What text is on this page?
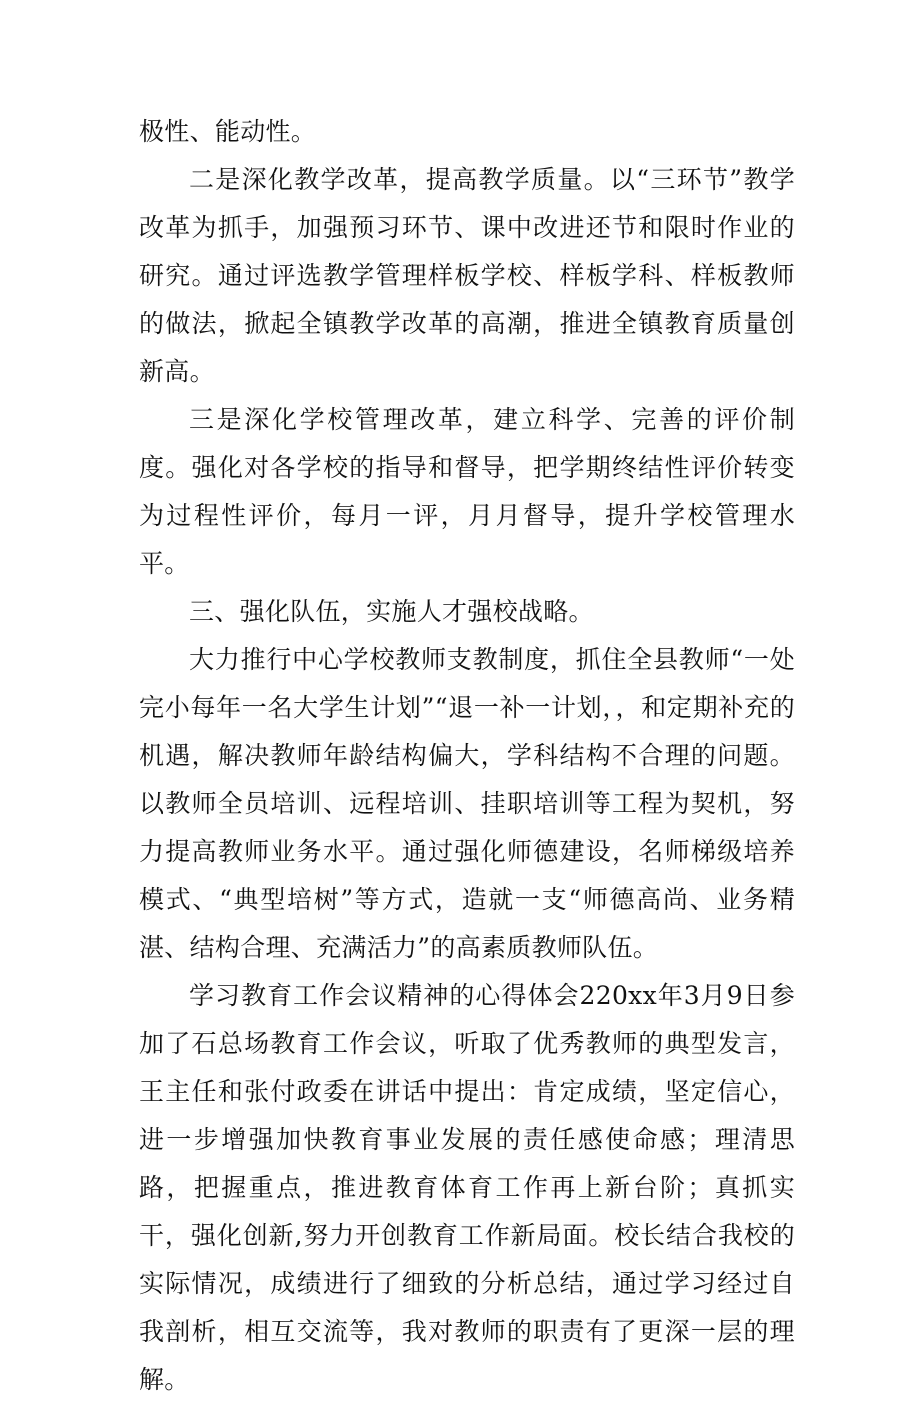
极性、能动性。

二是深化教学改革，提高教学质量。以“三环节”教学改革为抓手，加强预习环节、课中改进还节和限时作业的研究。通过评选教学管理样板学校、样板学科、样板教师的做法，掀起全镇教学改革的高潮，推进全镇教育质量创新高。

三是深化学校管理改革，建立科学、完善的评价制度。强化对各学校的指导和督导，把学期终结性评价转变为过程性评价，每月一评，月月督导，提升学校管理水平。

三、强化队伍，实施人才强校战略。

大力推行中心学校教师支教制度，抓住全县教师“一处完小每年一名大学生计划”“退一补一计划，，和定期补充的机遇，解决教师年龄结构偏大，学科结构不合理的问题。以教师全员培训、远程培训、挂职培训等工程为契机，努力提高教师业务水平。通过强化师德建设，名师梯级培养模式、“典型培树”等方式，造就一支“师德高尚、业务精湛、结构合理、充满活力”的高素质教师队伍。

学习教育工作会议精神的心得体会220xx年3月9日参加了石总场教育工作会议，听取了优秀教师的典型发言，王主任和张付政委在讲话中提出：肯定成绩，坚定信心，进一步增强加快教育事业发展的责任感使命感；理清思路，把握重点，推进教育体育工作再上新台阶；真抓实干，强化创新,努力开创教育工作新局面。校长结合我校的实际情况，成绩进行了细致的分析总结，通过学习经过自我剖析，相互交流等，我对教师的职责有了更深一层的理解。
